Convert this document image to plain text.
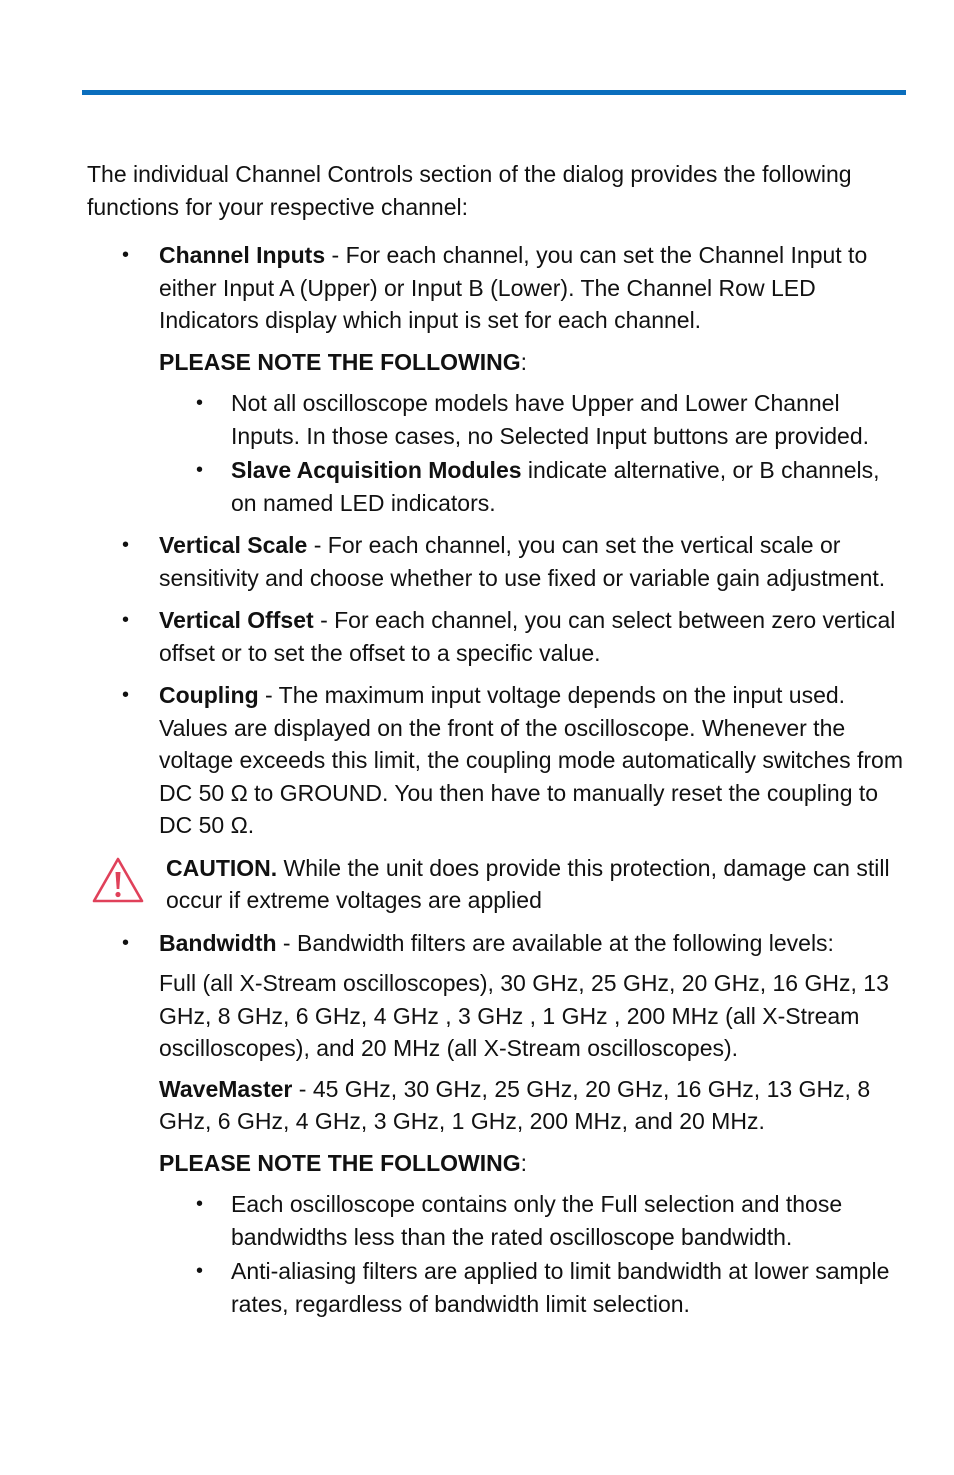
The individual Channel Controls section of the dialog provides the following functions for your respective channel:

• Channel Inputs - For each channel, you can set the Channel Input to either Input A (Upper) or Input B (Lower). The Channel Row LED Indicators display which input is set for each channel.

PLEASE NOTE THE FOLLOWING:

• Not all oscilloscope models have Upper and Lower Channel Inputs. In those cases, no Selected Input buttons are provided.
• Slave Acquisition Modules indicate alternative, or B channels, on named LED indicators.
• Vertical Scale - For each channel, you can set the vertical scale or sensitivity and choose whether to use fixed or variable gain adjustment.

• Vertical Offset - For each channel, you can select between zero vertical offset or to set the offset to a specific value.

• Coupling - The maximum input voltage depends on the input used. Values are displayed on the front of the oscilloscope. Whenever the voltage exceeds this limit, the coupling mode automatically switches from DC 50 Ω to GROUND. You then have to manually reset the coupling to DC 50 Ω.

CAUTION. While the unit does provide this protection, damage can still occur if extreme voltages are applied

• Bandwidth - Bandwidth filters are available at the following levels:

Full (all X-Stream oscilloscopes), 30 GHz, 25 GHz, 20 GHz, 16 GHz, 13 GHz, 8 GHz, 6 GHz, 4 GHz , 3 GHz , 1 GHz , 200 MHz (all X-Stream oscilloscopes), and 20 MHz (all X-Stream oscilloscopes).

WaveMaster - 45 GHz, 30 GHz, 25 GHz, 20 GHz, 16 GHz, 13 GHz, 8 GHz, 6 GHz, 4 GHz, 3 GHz, 1 GHz, 200 MHz, and 20 MHz.

PLEASE NOTE THE FOLLOWING:

• Each oscilloscope contains only the Full selection and those bandwidths less than the rated oscilloscope bandwidth.
• Anti-aliasing filters are applied to limit bandwidth at lower sample rates, regardless of bandwidth limit selection.
